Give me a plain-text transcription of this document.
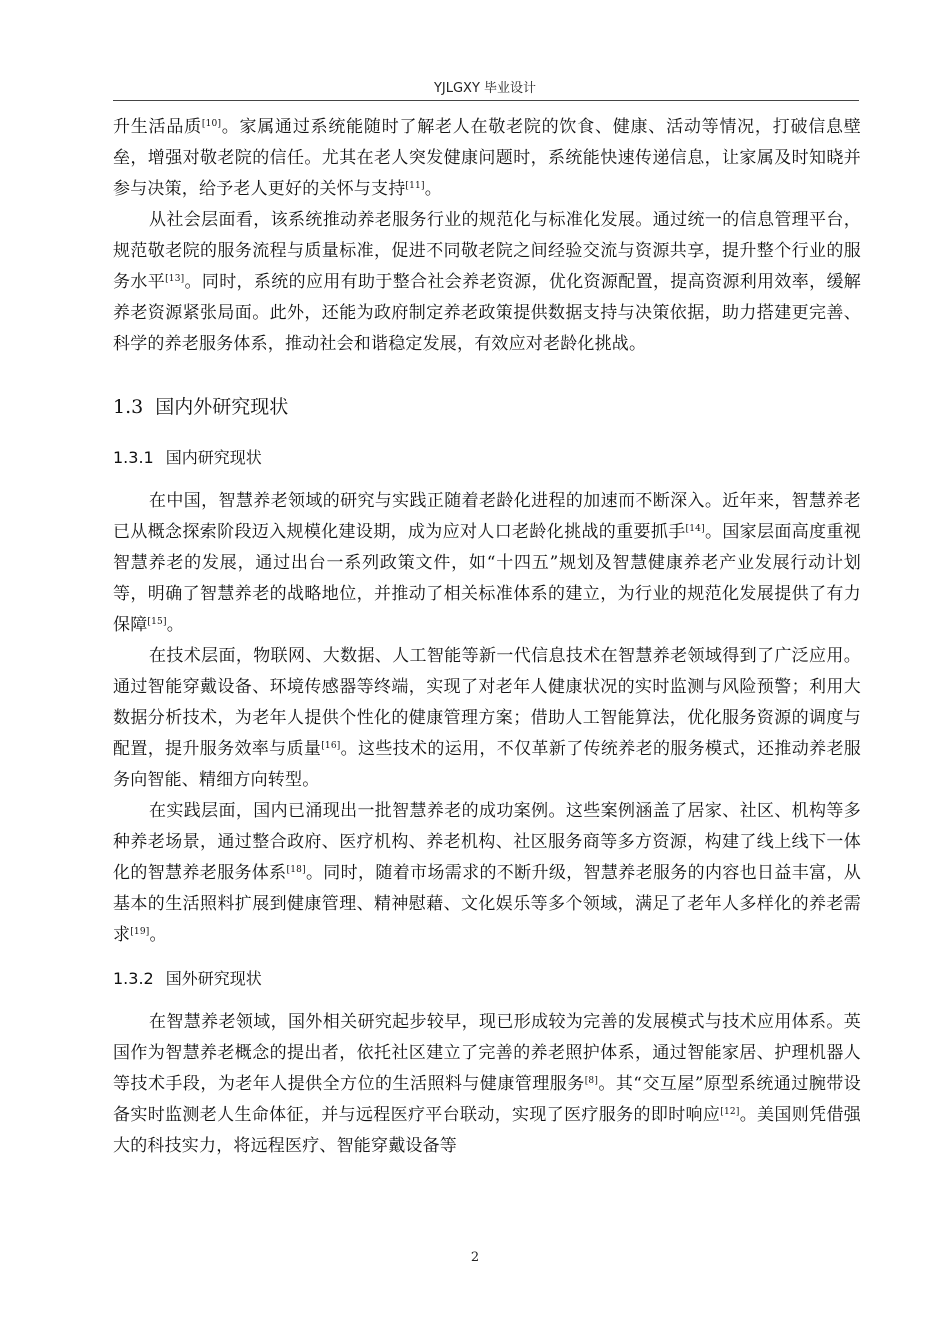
YJLGXY 毕业设计

升生活品质[10]。家属通过系统能随时了解老人在敬老院的饮食、健康、活动等情况，打破信息壁垒，增强对敬老院的信任。尤其在老人突发健康问题时，系统能快速传递信息，让家属及时知晓并参与决策，给予老人更好的关怀与支持[11]。

从社会层面看，该系统推动养老服务行业的规范化与标准化发展。通过统一的信息管理平台，规范敬老院的服务流程与质量标准，促进不同敬老院之间经验交流与资源共享，提升整个行业的服务水平[13]。同时，系统的应用有助于整合社会养老资源，优化资源配置，提高资源利用效率，缓解养老资源紧张局面。此外，还能为政府制定养老政策提供数据支持与决策依据，助力搭建更完善、科学的养老服务体系，推动社会和谐稳定发展，有效应对老龄化挑战。

1.3 国内外研究现状
1.3.1 国内研究现状

在中国，智慧养老领域的研究与实践正随着老龄化进程的加速而不断深入。近年来，智慧养老已从概念探索阶段迈入规模化建设期，成为应对人口老龄化挑战的重要抓手[14]。国家层面高度重视智慧养老的发展，通过出台一系列政策文件，如“十四五”规划及智慧健康养老产业发展行动计划等，明确了智慧养老的战略地位，并推动了相关标准体系的建立，为行业的规范化发展提供了有力保障[15]。

在技术层面，物联网、大数据、人工智能等新一代信息技术在智慧养老领域得到了广泛应用。通过智能穿戴设备、环境传感器等终端，实现了对老年人健康状况的实时监测与风险预警；利用大数据分析技术，为老年人提供个性化的健康管理方案；借助人工智能算法，优化服务资源的调度与配置，提升服务效率与质量[16]。这些技术的运用，不仅革新了传统养老的服务模式，还推动养老服务向智能、精细方向转型。

在实践层面，国内已涌现出一批智慧养老的成功案例。这些案例涵盖了居家、社区、机构等多种养老场景，通过整合政府、医疗机构、养老机构、社区服务商等多方资源，构建了线上线下一体化的智慧养老服务体系[18]。同时，随着市场需求的不断升级，智慧养老服务的内容也日益丰富，从基本的生活照料扩展到健康管理、精神慰藉、文化娱乐等多个领域，满足了老年人多样化的养老需求[19]。

1.3.2 国外研究现状

在智慧养老领域，国外相关研究起步较早，现已形成较为完善的发展模式与技术应用体系。英国作为智慧养老概念的提出者，依托社区建立了完善的养老照护体系，通过智能家居、护理机器人等技术手段，为老年人提供全方位的生活照料与健康管理服务[8]。其“交互屋”原型系统通过腕带设备实时监测老人生命体征，并与远程医疗平台联动，实现了医疗服务的即时响应[12]。美国则凭借强大的科技实力，将远程医疗、智能穿戴设备等

2
